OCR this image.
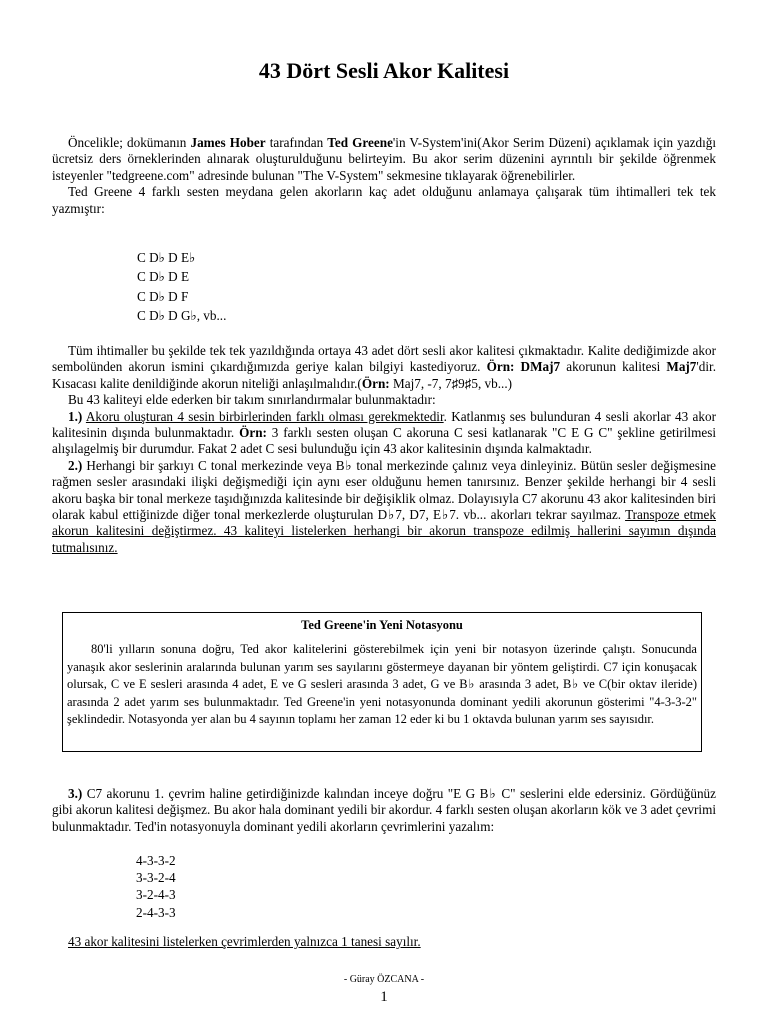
43 Dört Sesli Akor Kalitesi

Öncelikle; dokümanın James Hober tarafından Ted Greene'in V-System'ini(Akor Serim Düzeni) açıklamak için yazdığı ücretsiz ders örneklerinden alınarak oluşturulduğunu belirteyim. Bu akor serim düzenini ayrıntılı bir şekilde öğrenmek isteyenler "tedgreene.com" adresinde bulunan "The V-System" sekmesine tıklayarak öğrenebilirler.

Ted Greene 4 farklı sesten meydana gelen akorların kaç adet olduğunu anlamaya çalışarak tüm ihtimalleri tek tek yazmıştır:

C D♭ D E♭

C D♭ D E

C D♭ D F

C D♭ D G♭, vb...

Tüm ihtimaller bu şekilde tek tek yazıldığında ortaya 43 adet dört sesli akor kalitesi çıkmaktadır. Kalite dediğimizde akor sembolünden akorun ismini çıkardığımızda geriye kalan bilgiyi kastediyoruz. Örn: DMaj7 akorunun kalitesi Maj7'dir. Kısacası kalite denildiğinde akorun niteliği anlaşılmalıdır.(Örn: Maj7, -7, 7♯9♯5, vb...)

Bu 43 kaliteyi elde ederken bir takım sınırlandırmalar bulunmaktadır:

1.) Akoru oluşturan 4 sesin birbirlerinden farklı olması gerekmektedir. Katlanmış ses bulunduran 4 sesli akorlar 43 akor kalitesinin dışında bulunmaktadır. Örn: 3 farklı sesten oluşan C akoruna C sesi katlanarak "C E G C" şekline getirilmesi alışılagelmiş bir durumdur. Fakat 2 adet C sesi bulunduğu için 43 akor kalitesinin dışında kalmaktadır.

2.) Herhangi bir şarkıyı C tonal merkezinde veya B♭ tonal merkezinde çalınız veya dinleyiniz. Bütün sesler değişmesine rağmen sesler arasındaki ilişki değişmediği için aynı eser olduğunu hemen tanırsınız. Benzer şekilde herhangi bir 4 sesli akoru başka bir tonal merkeze taşıdığınızda kalitesinde bir değişiklik olmaz. Dolayısıyla C7 akorunu 43 akor kalitesinden biri olarak kabul ettiğinizde diğer tonal merkezlerde oluşturulan D♭7, D7, E♭7. vb... akorları tekrar sayılmaz. Transpoze etmek akorun kalitesini değiştirmez. 43 kaliteyi listelerken herhangi bir akorun transpoze edilmiş hallerini sayımın dışında tutmalısınız.

Ted Greene'in Yeni Notasyonu
80'li yılların sonuna doğru, Ted akor kalitelerini gösterebilmek için yeni bir notasyon üzerinde çalıştı. Sonucunda yanaşık akor seslerinin aralarında bulunan yarım ses sayılarını göstermeye dayanan bir yöntem geliştirdi. C7 için konuşacak olursak, C ve E sesleri arasında 4 adet, E ve G sesleri arasında 3 adet, G ve B♭ arasında 3 adet, B♭ ve C(bir oktav ileride) arasında 2 adet yarım ses bulunmaktadır. Ted Greene'in yeni notasyonunda dominant yedili akorunun gösterimi "4-3-3-2" şeklindedir. Notasyonda yer alan bu 4 sayının toplamı her zaman 12 eder ki bu 1 oktavda bulunan yarım ses sayısıdır.

3.) C7 akorunu 1. çevrim haline getirdiğinizde kalından inceye doğru "E G B♭ C" seslerini elde edersiniz. Gördüğünüz gibi akorun kalitesi değişmez. Bu akor hala dominant yedili bir akordur. 4 farklı sesten oluşan akorların kök ve 3 adet çevrimi bulunmaktadır. Ted'in notasyonuyla dominant yedili akorların çevrimlerini yazalım:

4-3-3-2

3-3-2-4

3-2-4-3

2-4-3-3

43 akor kalitesini listelerken çevrimlerden yalnızca 1 tanesi sayılır.

- Güray ÖZCANA -
1
